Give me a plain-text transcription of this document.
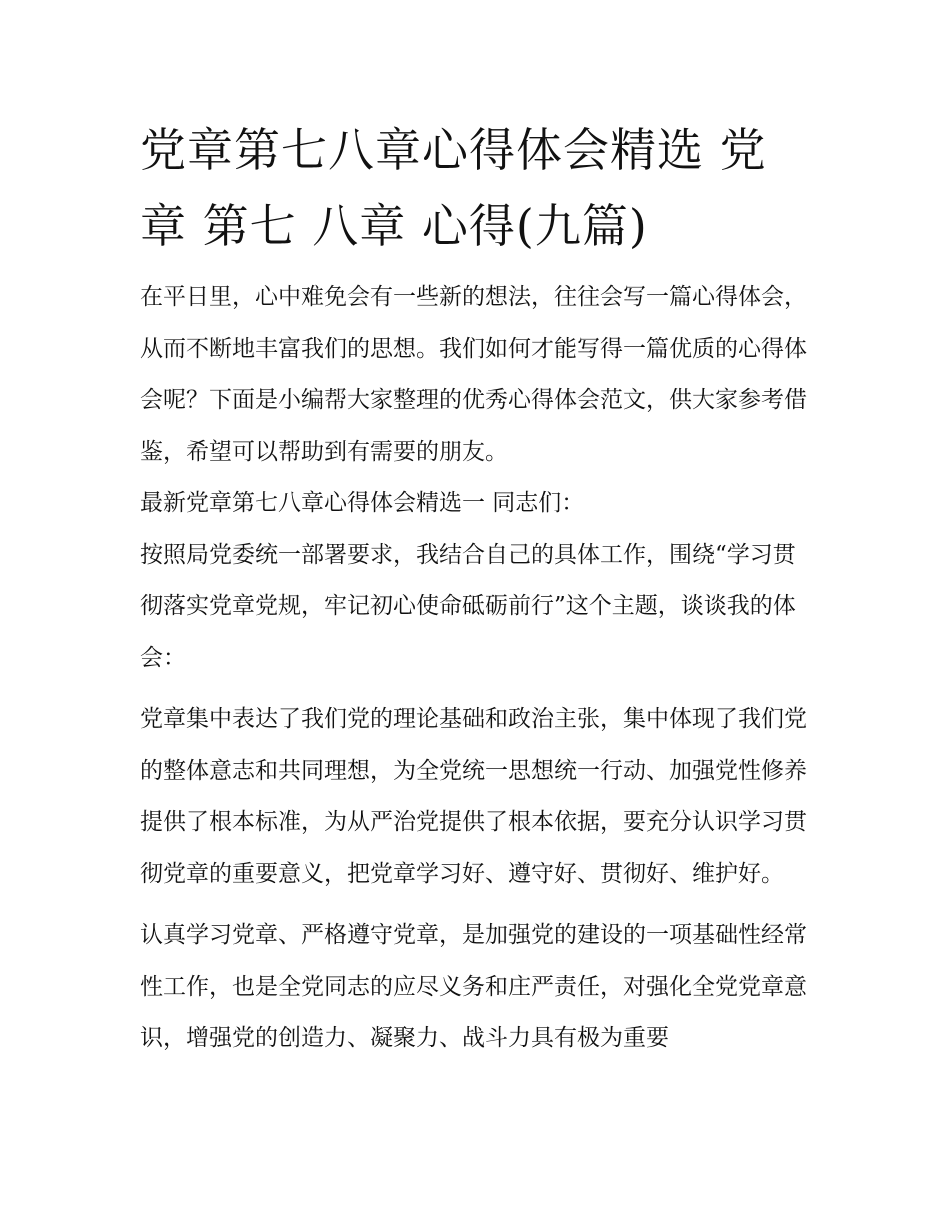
党章第七八章心得体会精选 党章 第七 八章 心得(九篇)

在平日里，心中难免会有一些新的想法，往往会写一篇心得体会，从而不断地丰富我们的思想。我们如何才能写得一篇优质的心得体会呢？下面是小编帮大家整理的优秀心得体会范文，供大家参考借鉴，希望可以帮助到有需要的朋友。

最新党章第七八章心得体会精选一 同志们：

按照局党委统一部署要求，我结合自己的具体工作，围绕“学习贯彻落实党章党规，牢记初心使命砥砺前行”这个主题，谈谈我的体会：

党章集中表达了我们党的理论基础和政治主张，集中体现了我们党的整体意志和共同理想，为全党统一思想统一行动、加强党性修养提供了根本标准，为从严治党提供了根本依据，要充分认识学习贯彻党章的重要意义，把党章学习好、遵守好、贯彻好、维护好。

认真学习党章、严格遵守党章，是加强党的建设的一项基础性经常性工作，也是全党同志的应尽义务和庄严责任，对强化全党党章意识，增强党的创造力、凝聚力、战斗力具有极为重要
